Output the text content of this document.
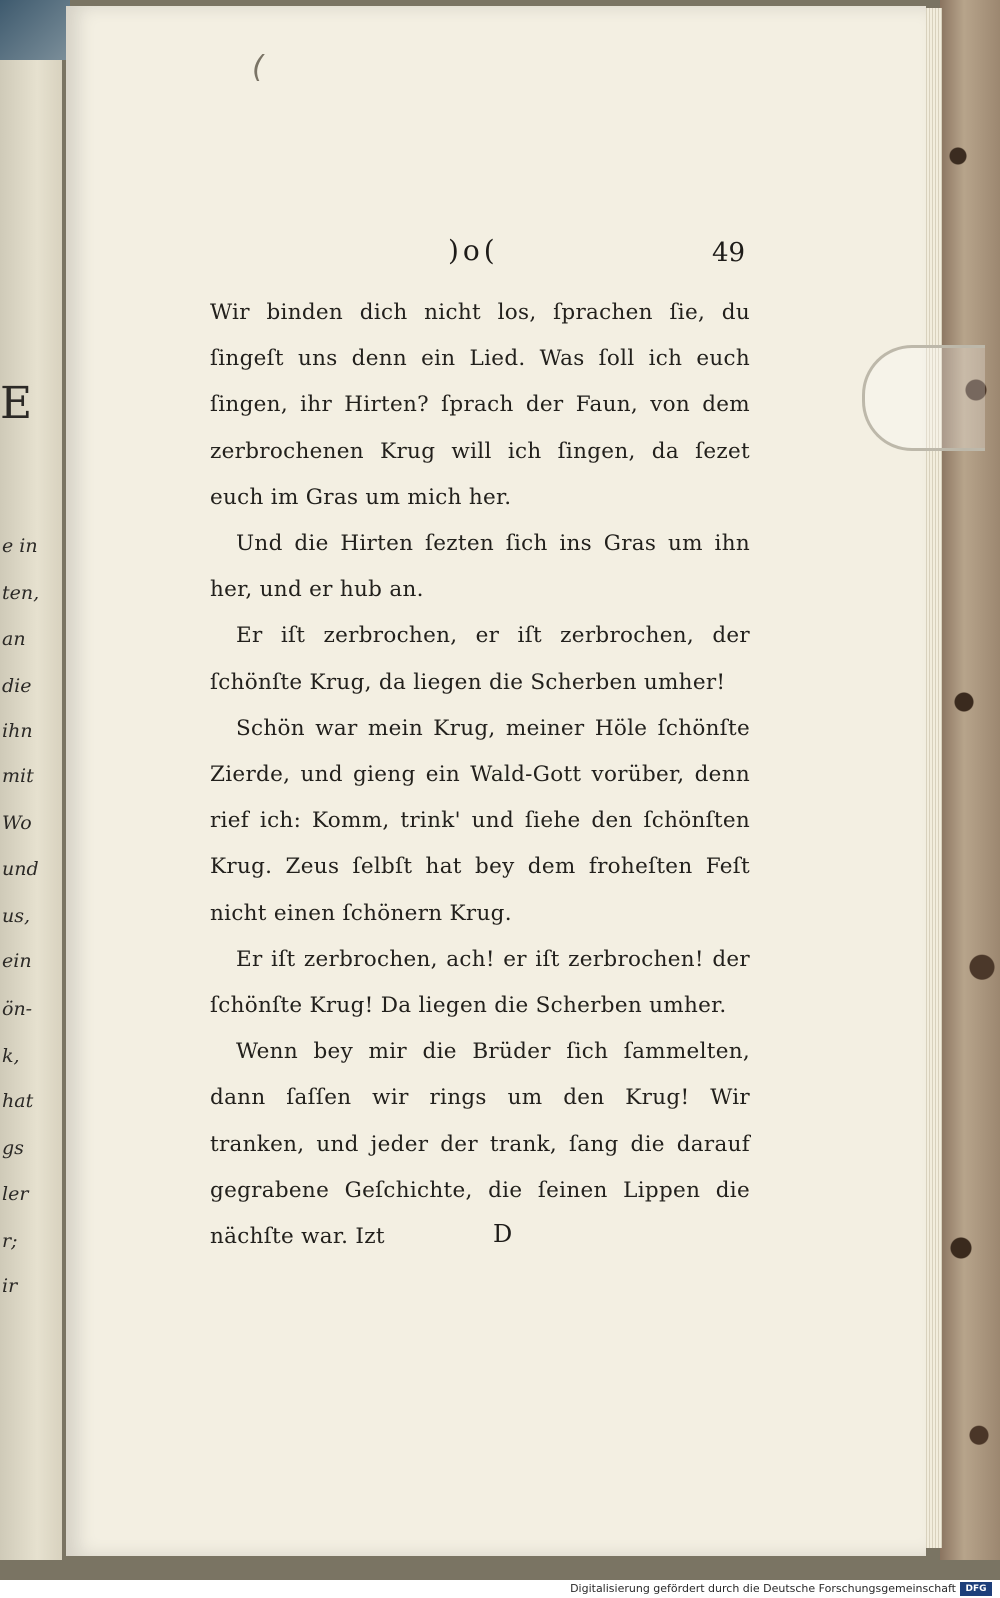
E
e in
ten,
an
die
ihn
mit
Wo
und
us,
ein
ön-
k,
hat
gs
ler
r;
ir
(
)o(	49

Wir binden dich nicht los, ſprachen ſie, du ſingeſt uns denn ein Lied. Was ſoll ich euch ſingen, ihr Hirten? ſprach der Faun, von dem zerbrochenen Krug will ich ſingen, da ſezet euch im Gras um mich her.

Und die Hirten ſezten ſich ins Gras um ihn her, und er hub an.

Er iſt zerbrochen, er iſt zerbrochen, der ſchönſte Krug, da liegen die Scherben umher!

Schön war mein Krug, meiner Höle ſchönſte Zierde, und gieng ein Wald-Gott vorüber, denn rief ich: Komm, trink' und ſiehe den ſchönſten Krug. Zeus ſelbſt hat bey dem froheſten Feſt nicht einen ſchönern Krug.

Er iſt zerbrochen, ach! er iſt zerbrochen! der ſchönſte Krug! Da liegen die Scherben umher.

Wenn bey mir die Brüder ſich ſammelten, dann ſaſſen wir rings um den Krug! Wir tranken, und jeder der trank, ſang die darauf gegrabene Geſchichte, die ſeinen Lippen die nächſte war. Izt	D
Digitalisierung gefördert durch die Deutsche Forschungsgemeinschaft	DFG
